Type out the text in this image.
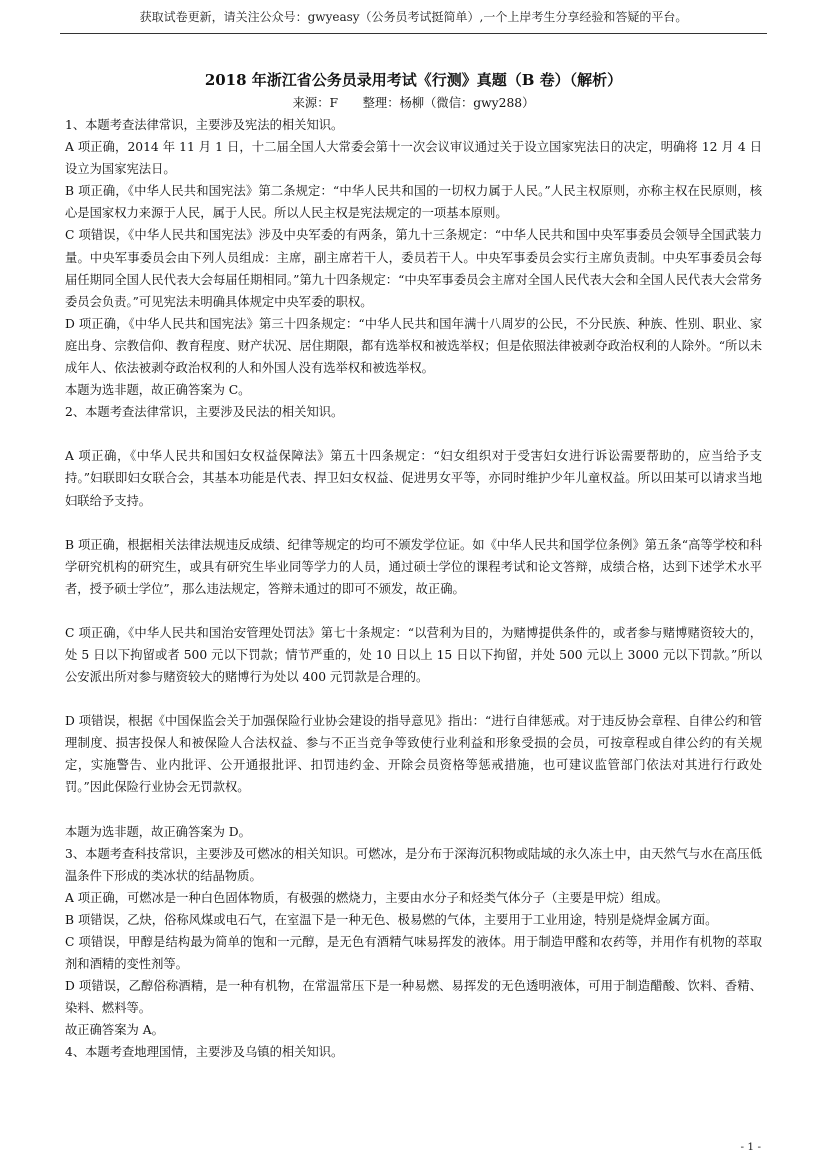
获取试卷更新，请关注公众号：gwyeasy（公务员考试挺简单）,一个上岸考生分享经验和答疑的平台。

2018 年浙江省公务员录用考试《行测》真题（B 卷）（解析）

来源：F　　整理：杨柳（微信：gwy288）

1、本题考查法律常识，主要涉及宪法的相关知识。

A 项正确，2014 年 11 月 1 日，十二届全国人大常委会第十一次会议审议通过关于设立国家宪法日的决定，明确将 12 月 4 日设立为国家宪法日。

B 项正确，《中华人民共和国宪法》第二条规定：“中华人民共和国的一切权力属于人民。”人民主权原则，亦称主权在民原则，核心是国家权力来源于人民，属于人民。所以人民主权是宪法规定的一项基本原则。

C 项错误，《中华人民共和国宪法》涉及中央军委的有两条，第九十三条规定：“中华人民共和国中央军事委员会领导全国武装力量。中央军事委员会由下列人员组成：主席，副主席若干人，委员若干人。中央军事委员会实行主席负责制。中央军事委员会每届任期同全国人民代表大会每届任期相同。”第九十四条规定：“中央军事委员会主席对全国人民代表大会和全国人民代表大会常务委员会负责。”可见宪法未明确具体规定中央军委的职权。

D 项正确，《中华人民共和国宪法》第三十四条规定：“中华人民共和国年满十八周岁的公民，不分民族、种族、性别、职业、家庭出身、宗教信仰、教育程度、财产状况、居住期限，都有选举权和被选举权；但是依照法律被剥夺政治权利的人除外。“所以未成年人、依法被剥夺政治权利的人和外国人没有选举权和被选举权。

本题为选非题，故正确答案为 C。

2、本题考查法律常识，主要涉及民法的相关知识。

A 项正确，《中华人民共和国妇女权益保障法》第五十四条规定：“妇女组织对于受害妇女进行诉讼需要帮助的，应当给予支持。”妇联即妇女联合会，其基本功能是代表、捍卫妇女权益、促进男女平等，亦同时维护少年儿童权益。所以田某可以请求当地妇联给予支持。

B 项正确，根据相关法律法规违反成绩、纪律等规定的均可不颁发学位证。如《中华人民共和国学位条例》第五条“高等学校和科学研究机构的研究生，或具有研究生毕业同等学力的人员，通过硕士学位的课程考试和论文答辩，成绩合格，达到下述学术水平者，授予硕士学位”，那么违法规定，答辩未通过的即可不颁发，故正确。

C 项正确，《中华人民共和国治安管理处罚法》第七十条规定：“以营利为目的，为赌博提供条件的，或者参与赌博赌资较大的，处 5 日以下拘留或者 500 元以下罚款；情节严重的，处 10 日以上 15 日以下拘留，并处 500 元以上 3000 元以下罚款。”所以公安派出所对参与赌资较大的赌博行为处以 400 元罚款是合理的。

D 项错误，根据《中国保监会关于加强保险行业协会建设的指导意见》指出：“进行自律惩戒。对于违反协会章程、自律公约和管理制度、损害投保人和被保险人合法权益、参与不正当竞争等致使行业利益和形象受损的会员，可按章程或自律公约的有关规定，实施警告、业内批评、公开通报批评、扣罚违约金、开除会员资格等惩戒措施，也可建议监管部门依法对其进行行政处罚。”因此保险行业协会无罚款权。

本题为选非题，故正确答案为 D。

3、本题考查科技常识，主要涉及可燃冰的相关知识。可燃冰，是分布于深海沉积物或陆域的永久冻土中，由天然气与水在高压低温条件下形成的类冰状的结晶物质。

A 项正确，可燃冰是一种白色固体物质，有极强的燃烧力，主要由水分子和烃类气体分子（主要是甲烷）组成。

B 项错误，乙炔，俗称风煤或电石气，在室温下是一种无色、极易燃的气体，主要用于工业用途，特别是烧焊金属方面。

C 项错误，甲醇是结构最为简单的饱和一元醇，是无色有酒精气味易挥发的液体。用于制造甲醛和农药等，并用作有机物的萃取剂和酒精的变性剂等。

D 项错误，乙醇俗称酒精，是一种有机物，在常温常压下是一种易燃、易挥发的无色透明液体，可用于制造醋酸、饮料、香精、染料、燃料等。

故正确答案为 A。

4、本题考查地理国情，主要涉及乌镇的相关知识。

- 1 -
